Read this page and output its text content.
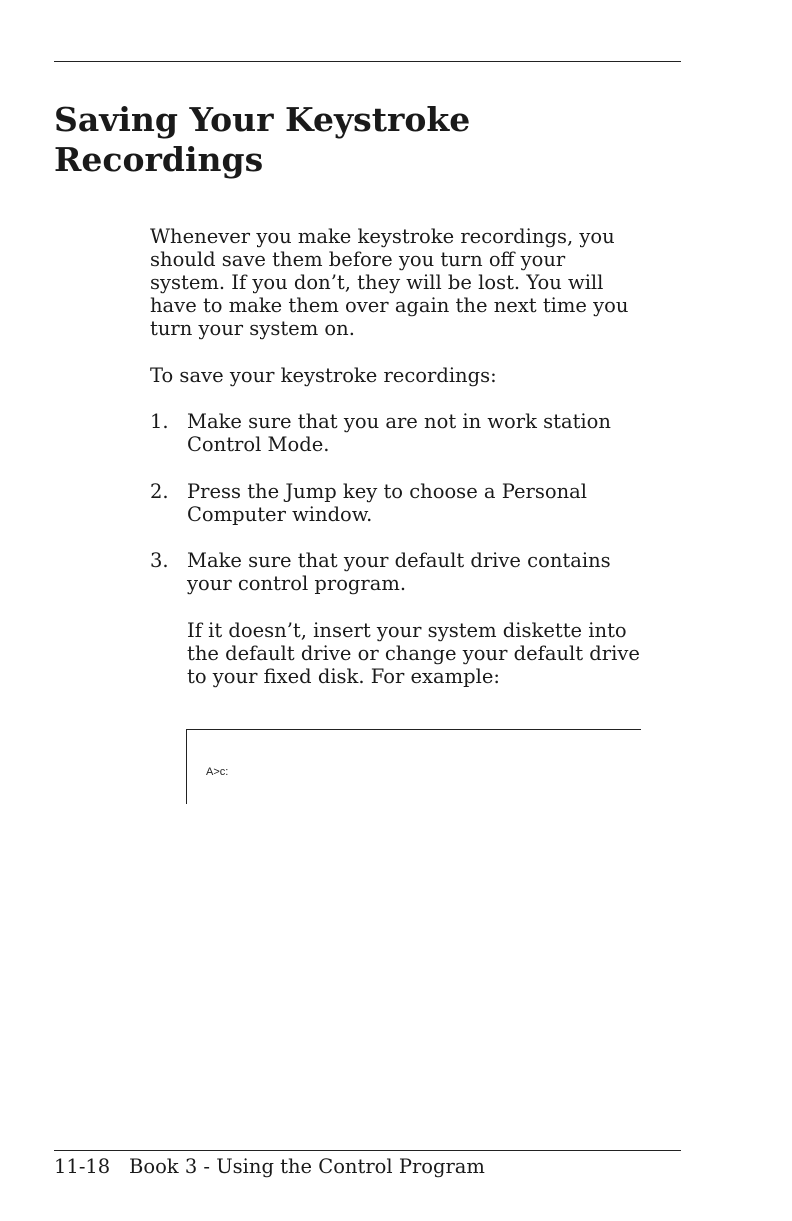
Saving Your Keystroke
Recordings

Whenever you make keystroke recordings, you
should save them before you turn off your
system. If you don’t, they will be lost. You will
have to make them over again the next time you
turn your system on.

To save your keystroke recordings:

1. Make sure that you are not in work station
Control Mode.
2. Press the Jump key to choose a Personal
Computer window.
3. Make sure that your default drive contains
your control program.
If it doesn’t, insert your system diskette into
the default drive or change your default drive
to your fixed disk. For example:
A>c:
11-18 Book 3 - Using the Control Program
